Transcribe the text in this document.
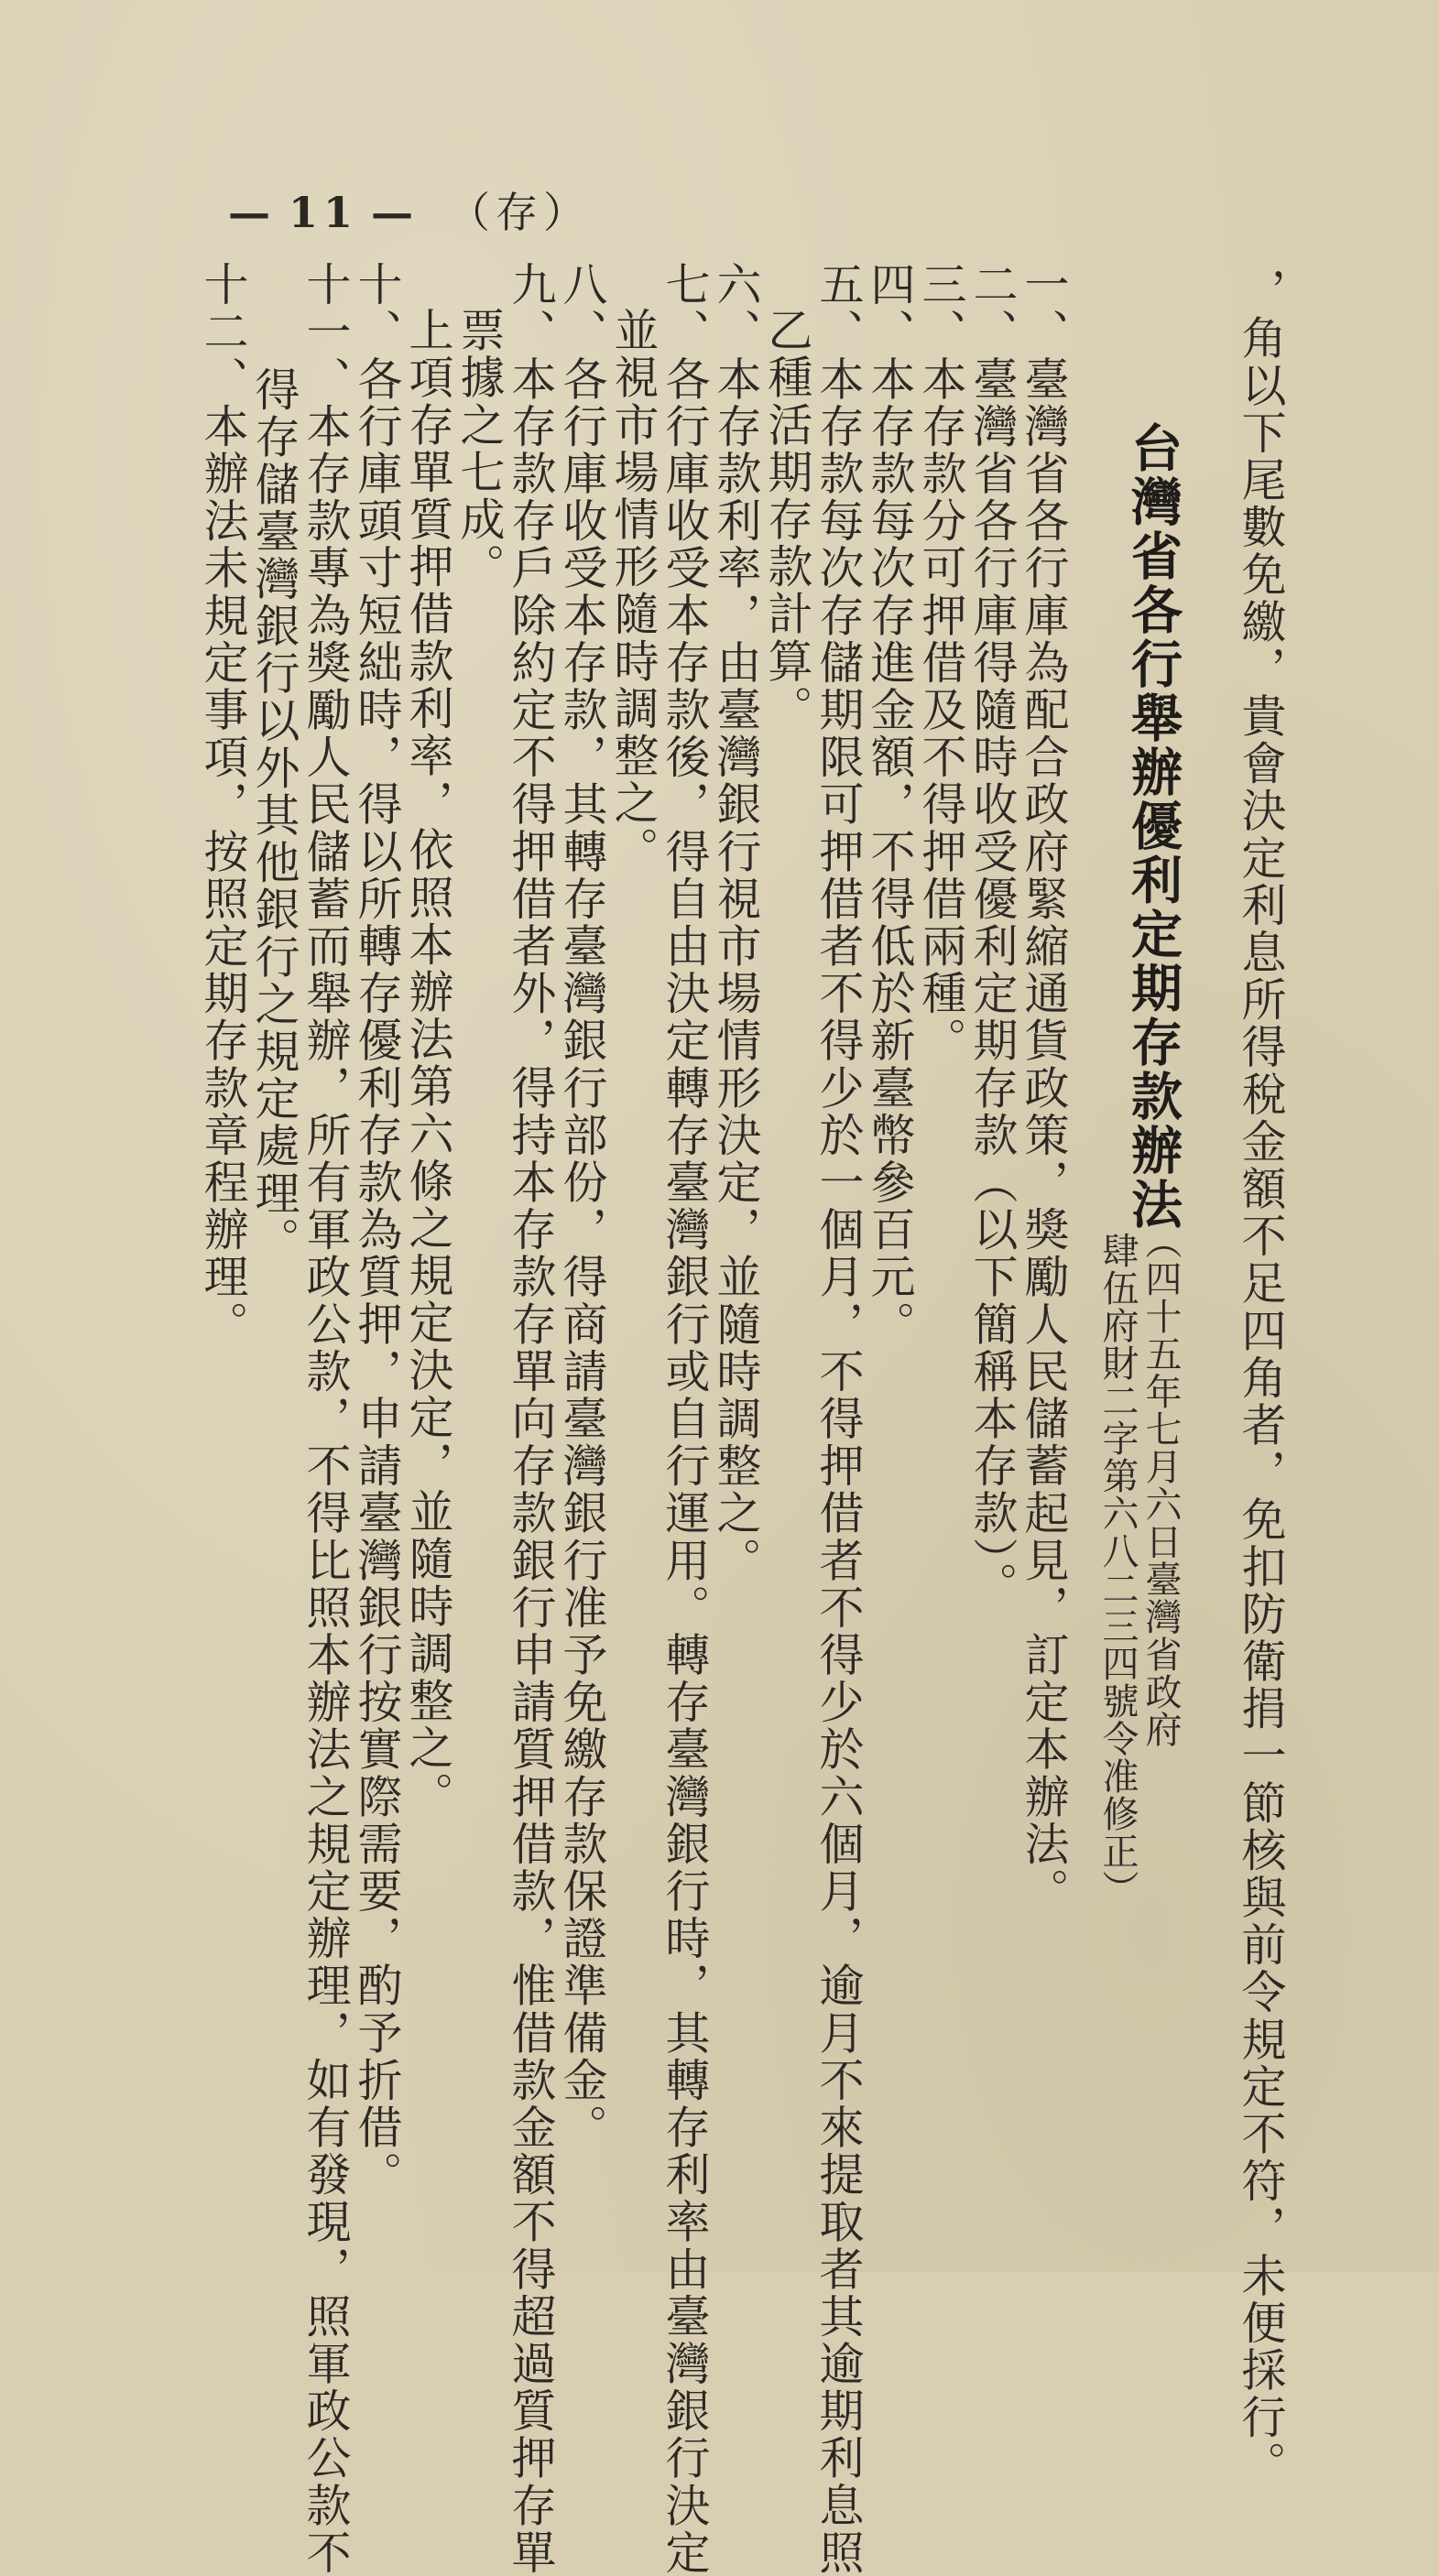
— 11 — （存）
，角以下尾數免繳，貴會決定利息所得稅金額不足四角者，免扣防衛捐一節核與前令規定不符，未便採行。
台灣省各行舉辦優利定期存款辦法
（四十五年七月六日臺灣省政府
肆伍府財二字第六八二三四號令准修正）
一、臺灣省各行庫為配合政府緊縮通貨政策，獎勵人民儲蓄起見，訂定本辦法。
二、臺灣省各行庫得隨時收受優利定期存款（以下簡稱本存款）。
三、本存款分可押借及不得押借兩種。
四、本存款每次存進金額，不得低於新臺幣參百元。
五、本存款每次存儲期限可押借者不得少於一個月，不得押借者不得少於六個月，逾月不來提取者其逾期利息照
乙種活期存款計算。
六、本存款利率，由臺灣銀行視市場情形決定，並隨時調整之。
七、各行庫收受本存款後，得自由決定轉存臺灣銀行或自行運用。轉存臺灣銀行時，其轉存利率由臺灣銀行決定
並視市場情形隨時調整之。
八、各行庫收受本存款，其轉存臺灣銀行部份，得商請臺灣銀行准予免繳存款保證準備金。
九、本存款存戶除約定不得押借者外，得持本存款存單向存款銀行申請質押借款，惟借款金額不得超過質押存單
票據之七成。
上項存單質押借款利率，依照本辦法第六條之規定決定，並隨時調整之。
十、各行庫頭寸短絀時，得以所轉存優利存款為質押，申請臺灣銀行按實際需要，酌予折借。
十一、本存款專為獎勵人民儲蓄而舉辦，所有軍政公款，不得比照本辦法之規定辦理，如有發現，照軍政公款不
得存儲臺灣銀行以外其他銀行之規定處理。
十二、本辦法未規定事項，按照定期存款章程辦理。
